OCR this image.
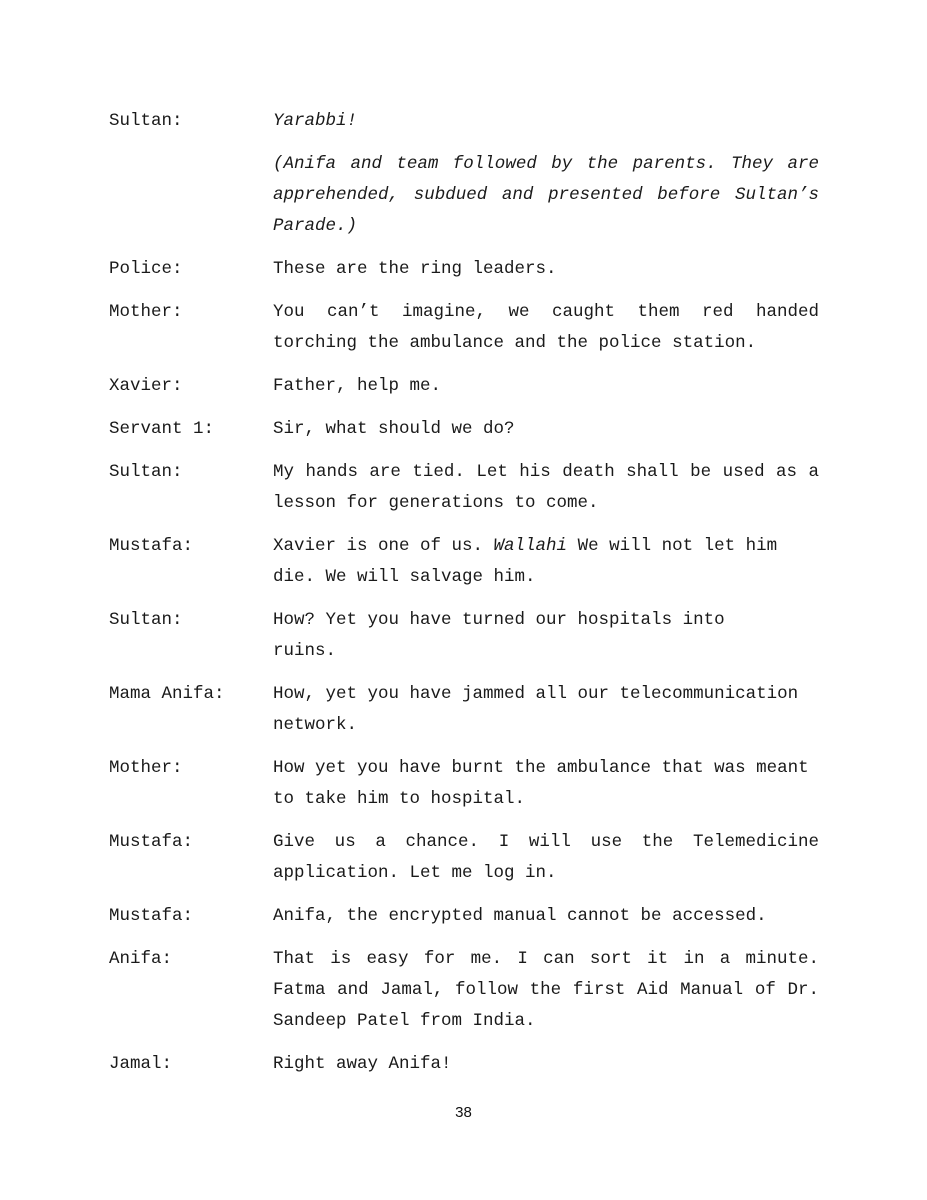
Sultan:	Yarabbi!
(Anifa and team followed by the parents. They are apprehended, subdued and presented before Sultan’s Parade.)
Police:	These are the ring leaders.
Mother:	You can’t imagine, we caught them red handed torching the ambulance and the police station.
Xavier:	Father, help me.
Servant 1:	Sir, what should we do?
Sultan:	My hands are tied. Let his death shall be used as a lesson for generations to come.
Mustafa:	Xavier is one of us. Wallahi We will not let him die. We will salvage him.
Sultan:	How? Yet you have turned our hospitals into ruins.
Mama Anifa:	How, yet you have jammed all our telecommunication network.
Mother:	How yet you have burnt the ambulance that was meant to take him to hospital.
Mustafa:	Give us a chance. I will use the Telemedicine application. Let me log in.
Mustafa:	Anifa, the encrypted manual cannot be accessed.
Anifa:	That is easy for me. I can sort it in a minute. Fatma and Jamal, follow the first Aid Manual of Dr. Sandeep Patel from India.
Jamal:	Right away Anifa!
38
